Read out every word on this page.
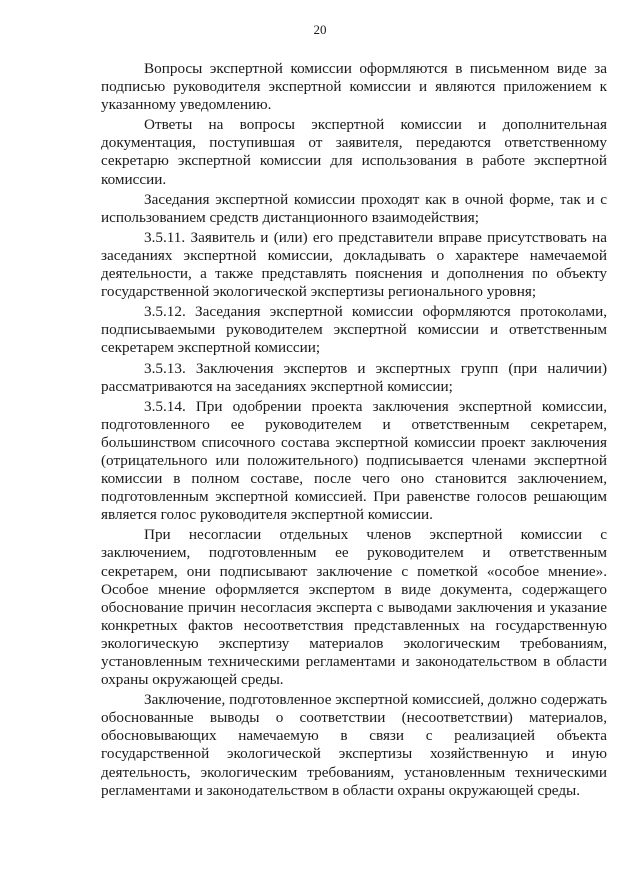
20

Вопросы экспертной комиссии оформляются в письменном виде за подписью руководителя экспертной комиссии и являются приложением к указанному уведомлению.

Ответы на вопросы экспертной комиссии и дополнительная документация, поступившая от заявителя, передаются ответственному секретарю экспертной комиссии для использования в работе экспертной комиссии.

Заседания экспертной комиссии проходят как в очной форме, так и с использованием средств дистанционного взаимодействия;

3.5.11. Заявитель и (или) его представители вправе присутствовать на заседаниях экспертной комиссии, докладывать о характере намечаемой деятельности, а также представлять пояснения и дополнения по объекту государственной экологической экспертизы регионального уровня;

3.5.12. Заседания экспертной комиссии оформляются протоколами, подписываемыми руководителем экспертной комиссии и ответственным секретарем экспертной комиссии;

3.5.13. Заключения экспертов и экспертных групп (при наличии) рассматриваются на заседаниях экспертной комиссии;

3.5.14. При одобрении проекта заключения экспертной комиссии, подготовленного ее руководителем и ответственным секретарем, большинством списочного состава экспертной комиссии проект заключения (отрицательного или положительного) подписывается членами экспертной комиссии в полном составе, после чего оно становится заключением, подготовленным экспертной комиссией. При равенстве голосов решающим является голос руководителя экспертной комиссии.

При несогласии отдельных членов экспертной комиссии с заключением, подготовленным ее руководителем и ответственным секретарем, они подписывают заключение с пометкой «особое мнение». Особое мнение оформляется экспертом в виде документа, содержащего обоснование причин несогласия эксперта с выводами заключения и указание конкретных фактов несоответствия представленных на государственную экологическую экспертизу материалов экологическим требованиям, установленным техническими регламентами и законодательством в области охраны окружающей среды.

Заключение, подготовленное экспертной комиссией, должно содержать обоснованные выводы о соответствии (несоответствии) материалов, обосновывающих намечаемую в связи с реализацией объекта государственной экологической экспертизы хозяйственную и иную деятельность, экологическим требованиям, установленным техническими регламентами и законодательством в области охраны окружающей среды.
